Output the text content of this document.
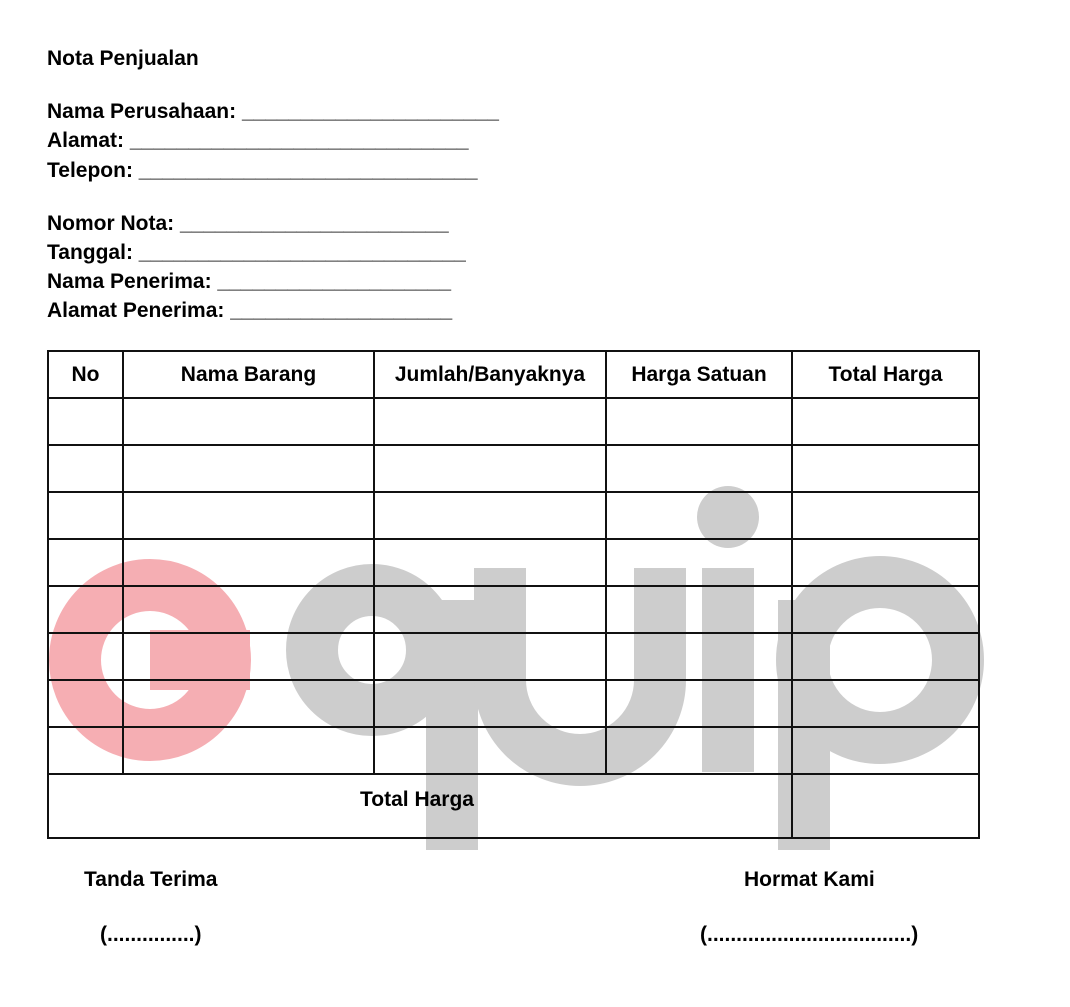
Nota Penjualan
Nama Perusahaan: ______________________
Alamat: _____________________________
Telepon: _____________________________
Nomor Nota: _______________________
Tanggal: ____________________________
Nama Penerima: ____________________
Alamat Penerima: ___________________
No	Nama Barang	Jumlah/Banyaknya	Harga Satuan	Total Harga

Total Harga				

Tanda Terima
(...............)
Hormat Kami
(...................................)
